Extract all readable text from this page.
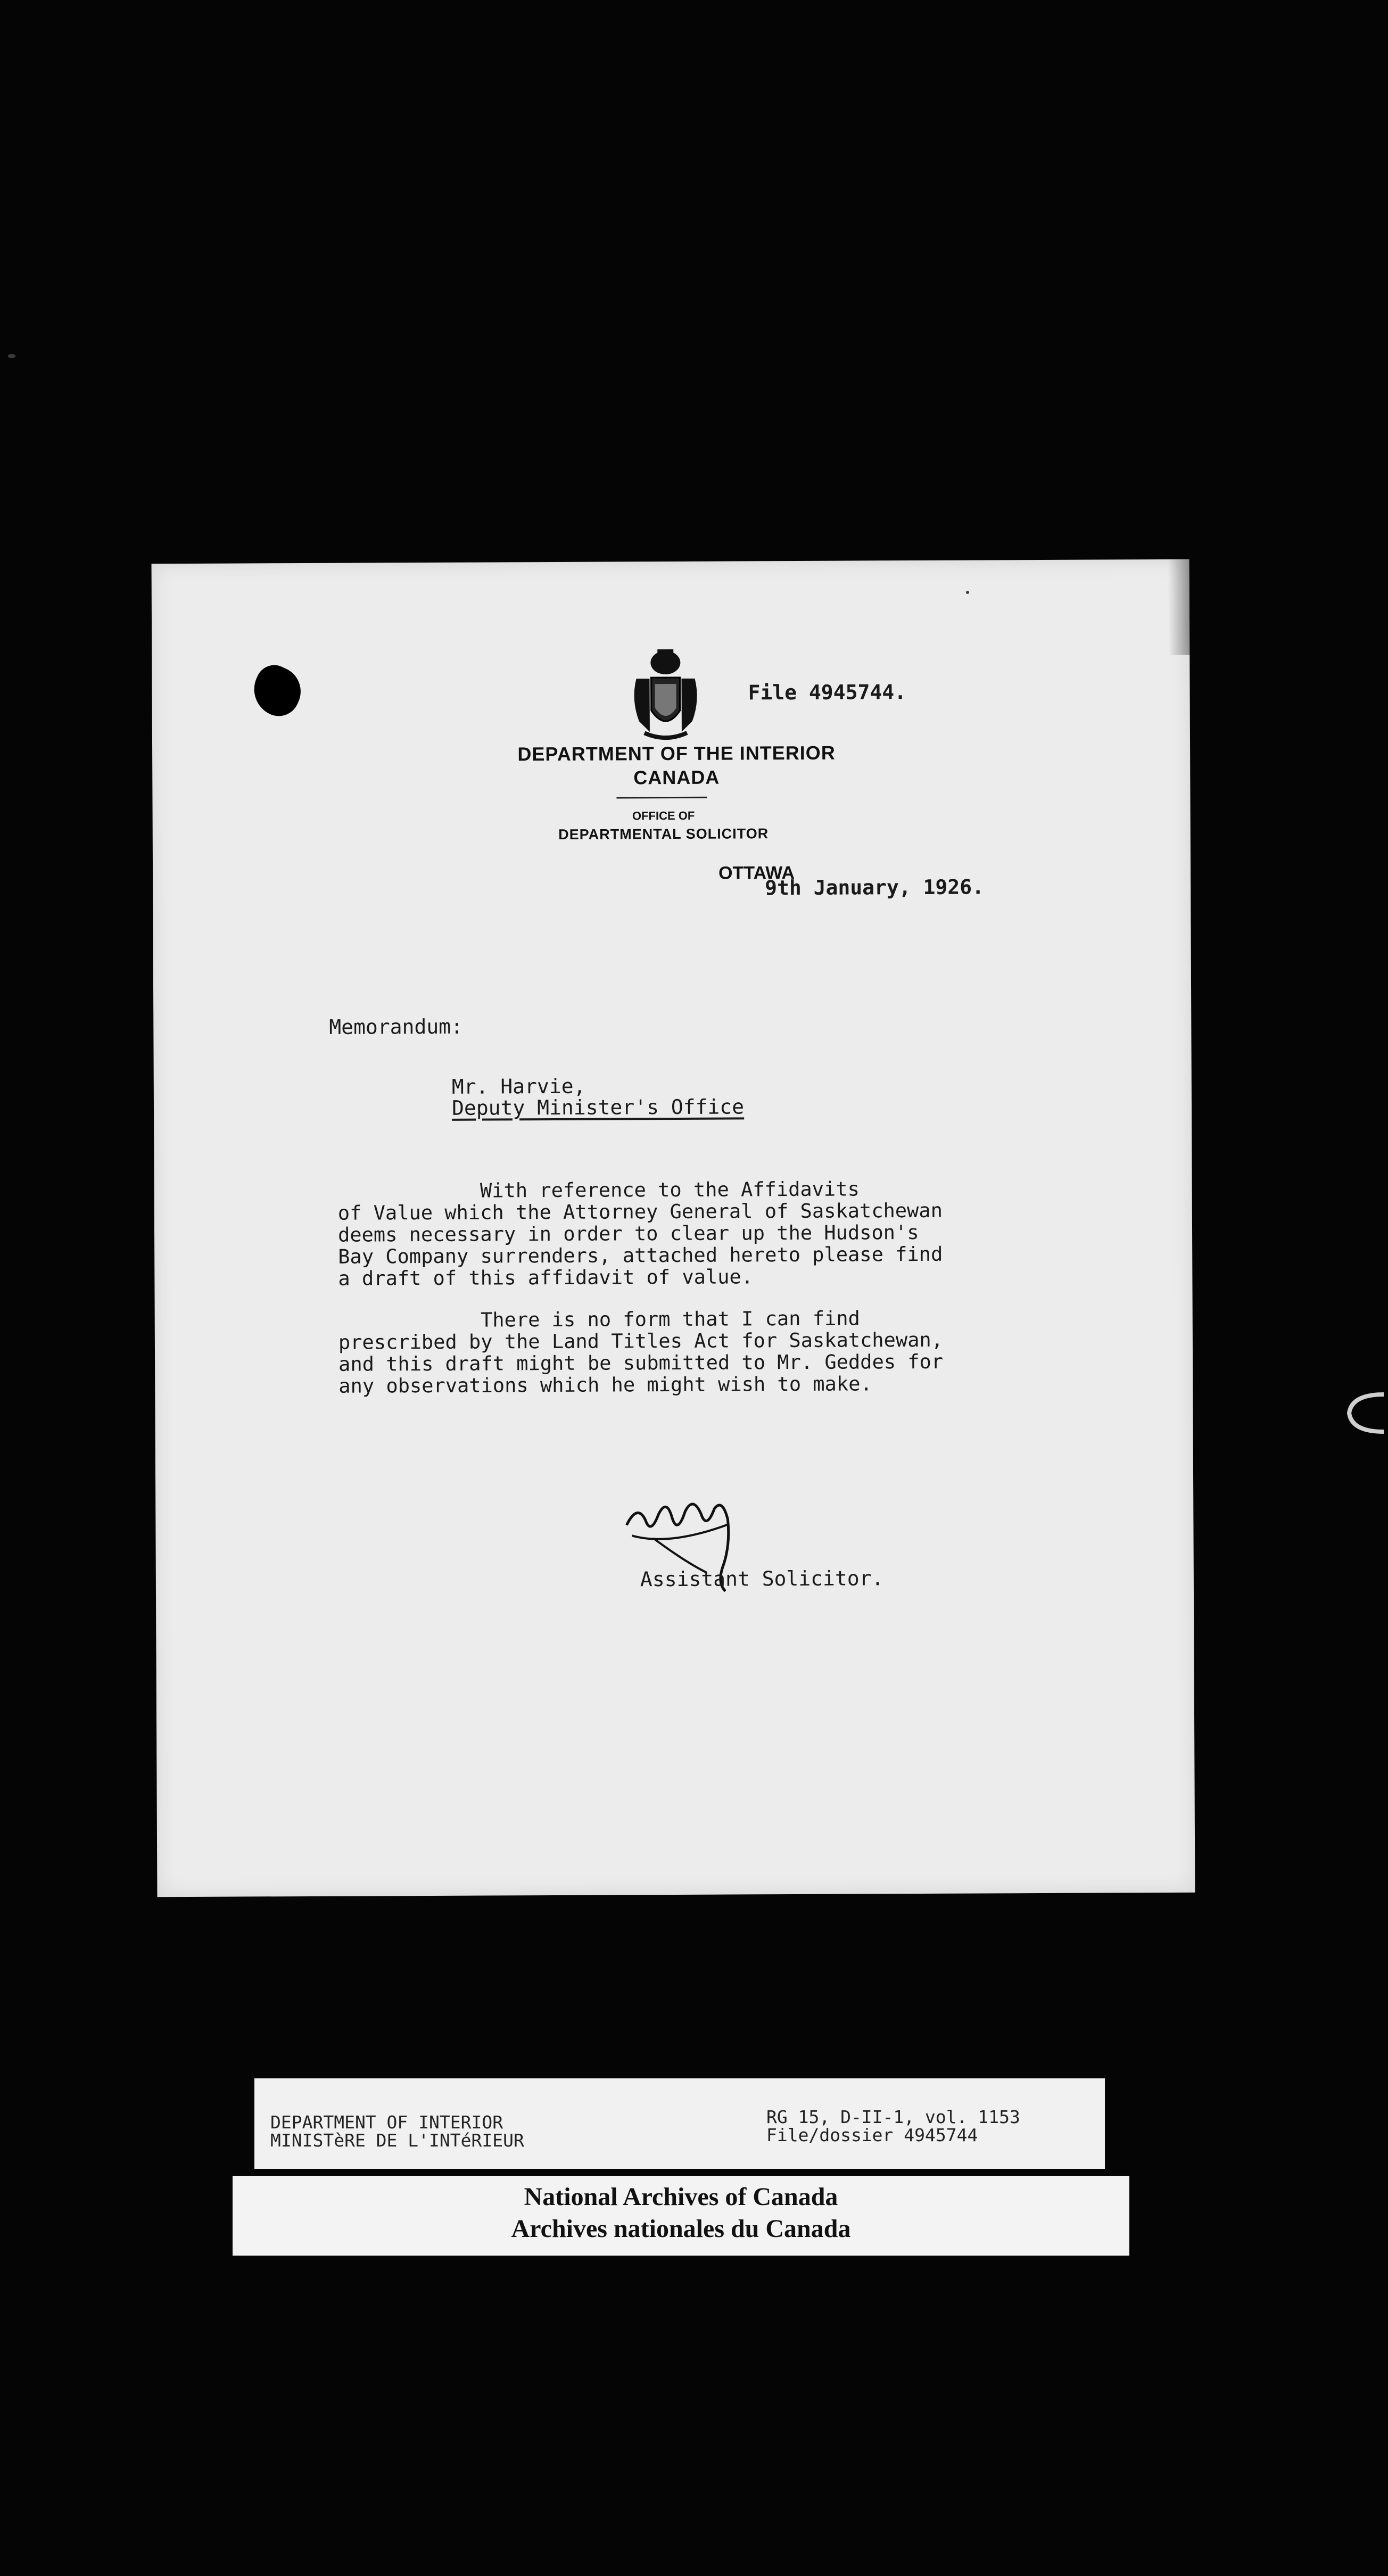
File 4945744.
DEPARTMENT OF THE INTERIOR
CANADA
OFFICE OF
DEPARTMENTAL SOLICITOR
OTTAWA
9th January, 1926.
Memorandum:
Mr. Harvie,
Deputy Minister's Office
With reference to the Affidavits
of Value which the Attorney General of Saskatchewan
deems necessary in order to clear up the Hudson's
Bay Company surrenders, attached hereto please find
a draft of this affidavit of value.
There is no form that I can find
prescribed by the Land Titles Act for Saskatchewan,
and this draft might be submitted to Mr. Geddes for
any observations which he might wish to make.
Assistant Solicitor.
DEPARTMENT OF INTERIOR
MINISTèRE DE L'INTéRIEUR
RG 15, D-II-1, vol. 1153
File/dossier 4945744
National Archives of Canada
Archives nationales du Canada
